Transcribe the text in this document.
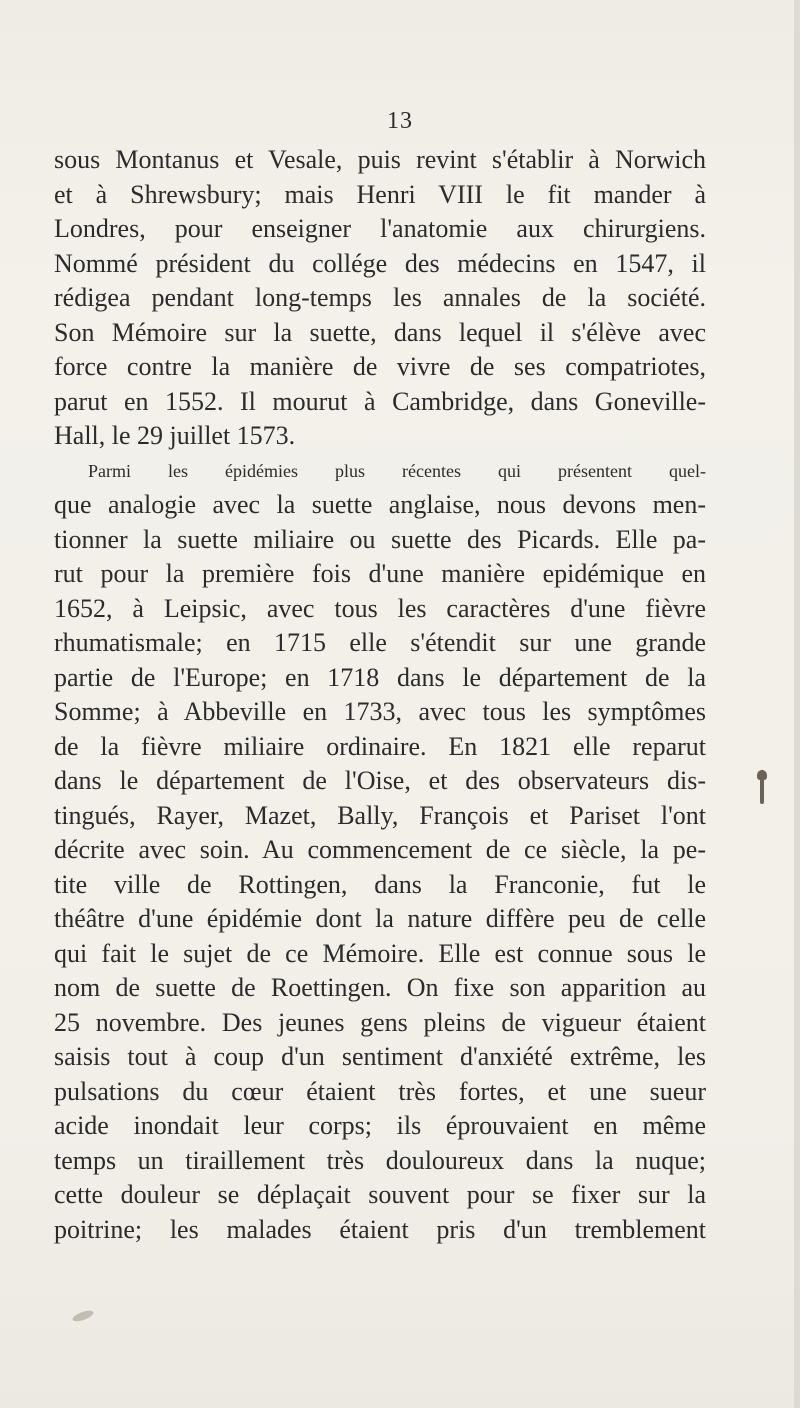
13
sous Montanus et Vesale, puis revint s'établir à Norwich
et à Shrewsbury; mais Henri VIII le fit mander à
Londres, pour enseigner l'anatomie aux chirurgiens.
Nommé président du collége des médecins en 1547, il
rédigea pendant long-temps les annales de la société.
Son Mémoire sur la suette, dans lequel il s'élève avec
force contre la manière de vivre de ses compatriotes,
parut en 1552. Il mourut à Cambridge, dans Goneville-
Hall, le 29 juillet 1573.
Parmi les épidémies plus récentes qui présentent quel-
que analogie avec la suette anglaise, nous devons men-
tionner la suette miliaire ou suette des Picards. Elle pa-
rut pour la première fois d'une manière epidémique en
1652, à Leipsic, avec tous les caractères d'une fièvre
rhumatismale; en 1715 elle s'étendit sur une grande
partie de l'Europe; en 1718 dans le département de la
Somme; à Abbeville en 1733, avec tous les symptômes
de la fièvre miliaire ordinaire. En 1821 elle reparut
dans le département de l'Oise, et des observateurs dis-
tingués, Rayer, Mazet, Bally, François et Pariset l'ont
décrite avec soin. Au commencement de ce siècle, la pe-
tite ville de Rottingen, dans la Franconie, fut le
théâtre d'une épidémie dont la nature diffère peu de celle
qui fait le sujet de ce Mémoire. Elle est connue sous le
nom de suette de Roettingen. On fixe son apparition au
25 novembre. Des jeunes gens pleins de vigueur étaient
saisis tout à coup d'un sentiment d'anxiété extrême, les
pulsations du cœur étaient très fortes, et une sueur
acide inondait leur corps; ils éprouvaient en même
temps un tiraillement très douloureux dans la nuque;
cette douleur se déplaçait souvent pour se fixer sur la
poitrine; les malades étaient pris d'un tremblement
